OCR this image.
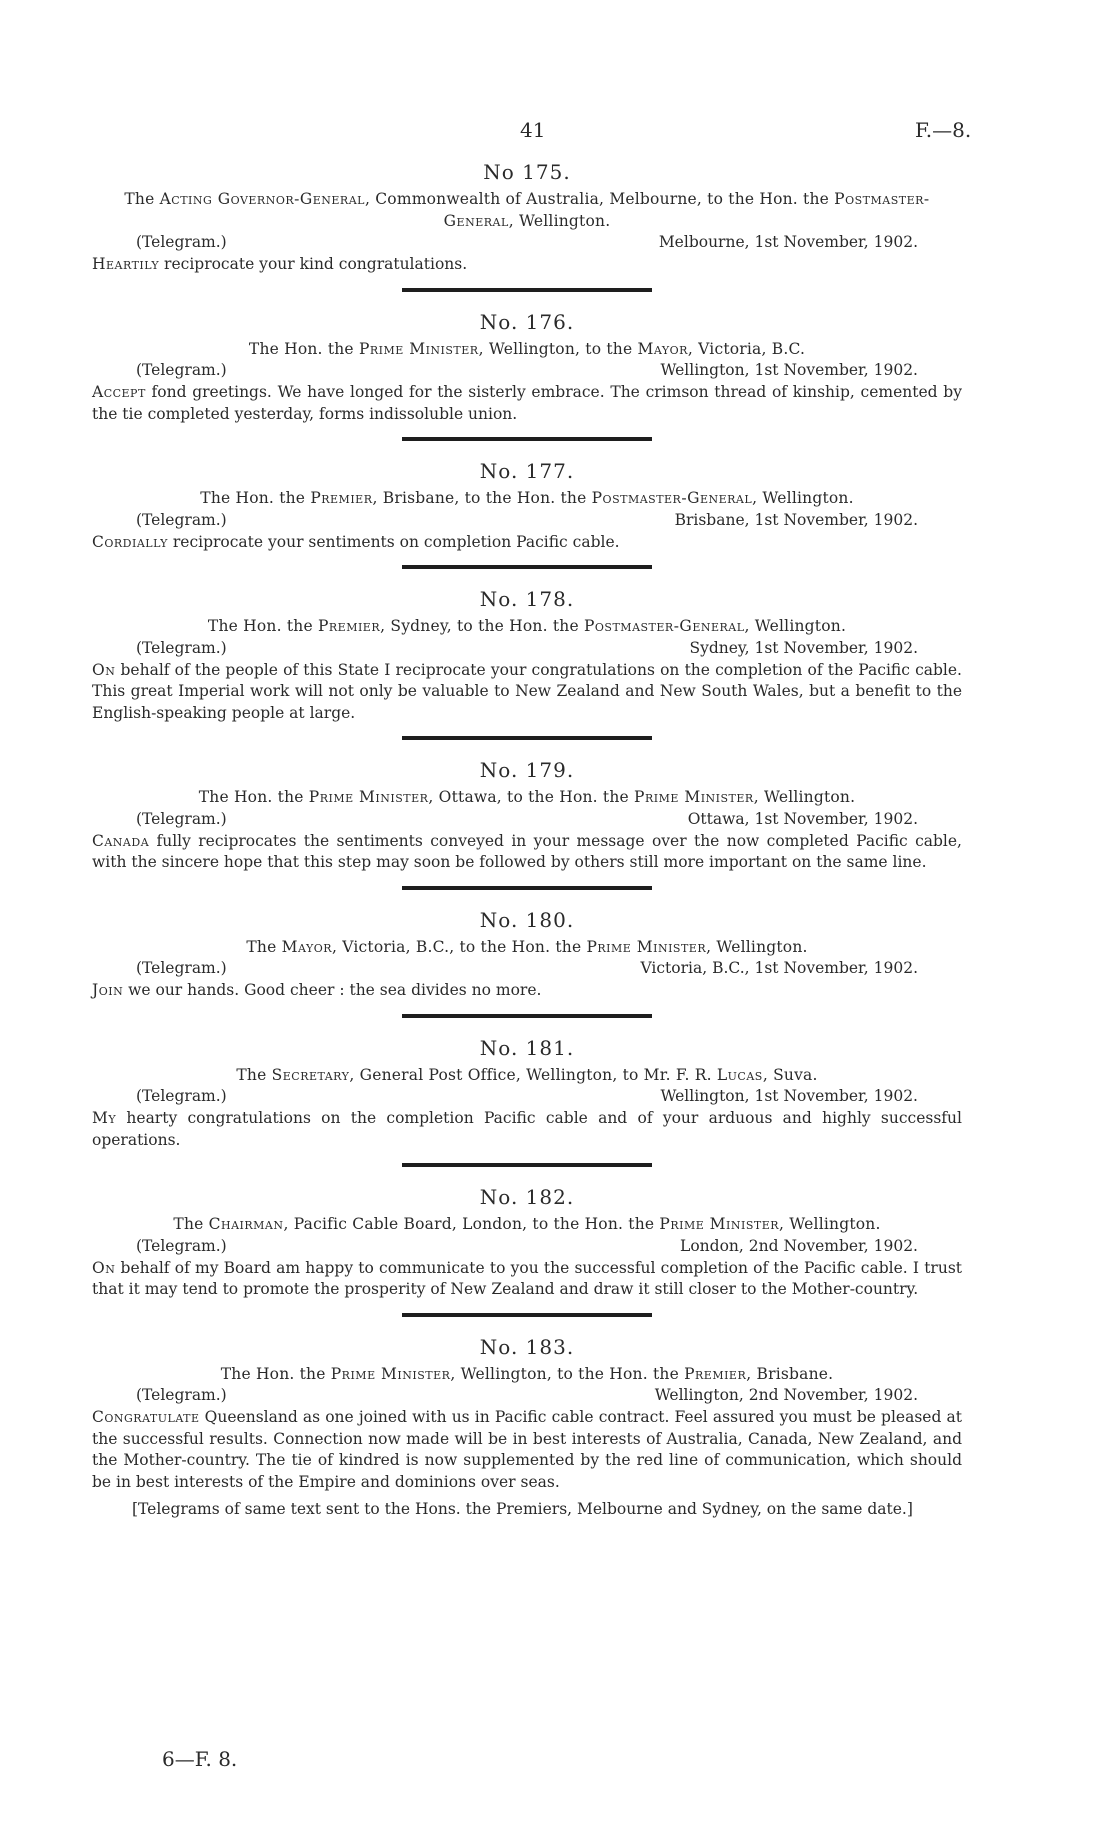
41	F.—8.
No 175.
The Acting Governor-General, Commonwealth of Australia, Melbourne, to the Hon. the Postmaster-General, Wellington.
(Telegram.)	Melbourne, 1st November, 1902.
Heartily reciprocate your kind congratulations.
No. 176.
The Hon. the Prime Minister, Wellington, to the Mayor, Victoria, B.C.
(Telegram.)	Wellington, 1st November, 1902.
Accept fond greetings. We have longed for the sisterly embrace. The crimson thread of kinship, cemented by the tie completed yesterday, forms indissoluble union.
No. 177.
The Hon. the Premier, Brisbane, to the Hon. the Postmaster-General, Wellington.
(Telegram.)	Brisbane, 1st November, 1902.
Cordially reciprocate your sentiments on completion Pacific cable.
No. 178.
The Hon. the Premier, Sydney, to the Hon. the Postmaster-General, Wellington.
(Telegram.)	Sydney, 1st November, 1902.
On behalf of the people of this State I reciprocate your congratulations on the completion of the Pacific cable. This great Imperial work will not only be valuable to New Zealand and New South Wales, but a benefit to the English-speaking people at large.
No. 179.
The Hon. the Prime Minister, Ottawa, to the Hon. the Prime Minister, Wellington.
(Telegram.)	Ottawa, 1st November, 1902.
Canada fully reciprocates the sentiments conveyed in your message over the now completed Pacific cable, with the sincere hope that this step may soon be followed by others still more important on the same line.
No. 180.
The Mayor, Victoria, B.C., to the Hon. the Prime Minister, Wellington.
(Telegram.)	Victoria, B.C., 1st November, 1902.
Join we our hands. Good cheer : the sea divides no more.
No. 181.
The Secretary, General Post Office, Wellington, to Mr. F. R. Lucas, Suva.
(Telegram.)	Wellington, 1st November, 1902.
My hearty congratulations on the completion Pacific cable and of your arduous and highly successful operations.
No. 182.
The Chairman, Pacific Cable Board, London, to the Hon. the Prime Minister, Wellington.
(Telegram.)	London, 2nd November, 1902.
On behalf of my Board am happy to communicate to you the successful completion of the Pacific cable. I trust that it may tend to promote the prosperity of New Zealand and draw it still closer to the Mother-country.
No. 183.
The Hon. the Prime Minister, Wellington, to the Hon. the Premier, Brisbane.
(Telegram.)	Wellington, 2nd November, 1902.
Congratulate Queensland as one joined with us in Pacific cable contract. Feel assured you must be pleased at the successful results. Connection now made will be in best interests of Australia, Canada, New Zealand, and the Mother-country. The tie of kindred is now supplemented by the red line of communication, which should be in best interests of the Empire and dominions over seas.
[Telegrams of same text sent to the Hons. the Premiers, Melbourne and Sydney, on the same date.]
6—F. 8.
